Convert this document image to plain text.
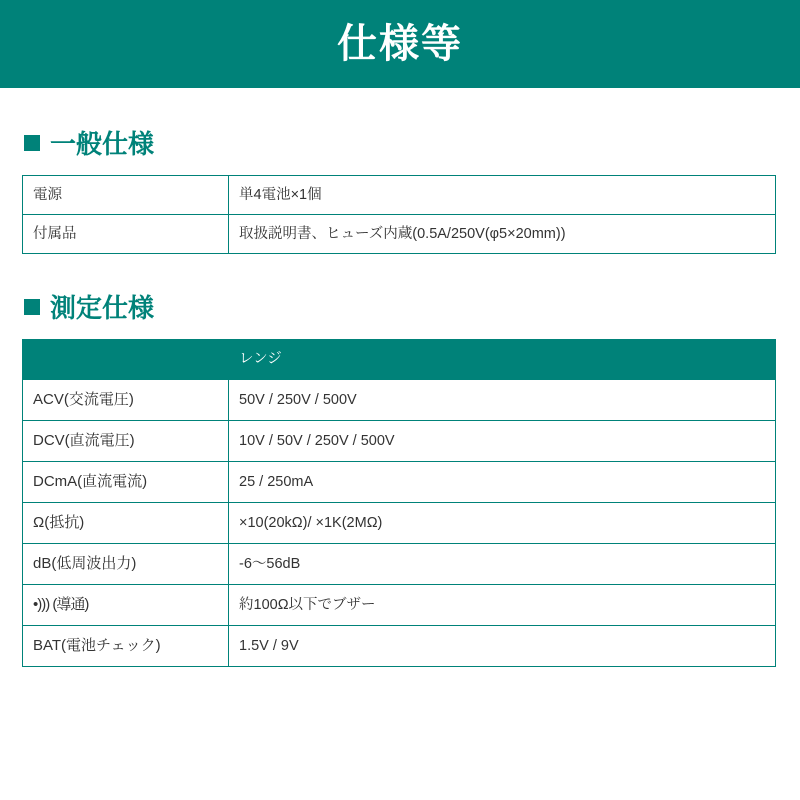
仕様等
一般仕様
電源	単4電池×1個
付属品	取扱説明書、ヒューズ内蔵(0.5A/250V(φ5×20mm))
測定仕様
	レンジ
ACV(交流電圧)	50V / 250V / 500V
DCV(直流電圧)	10V / 50V / 250V / 500V
DCmA(直流電流)	25 / 250mA
Ω(抵抗)	×10(20kΩ)/ ×1K(2MΩ)
dB(低周波出力)	-6〜56dB
•))) (導通)	約100Ω以下でブザー
BAT(電池チェック)	1.5V / 9V
